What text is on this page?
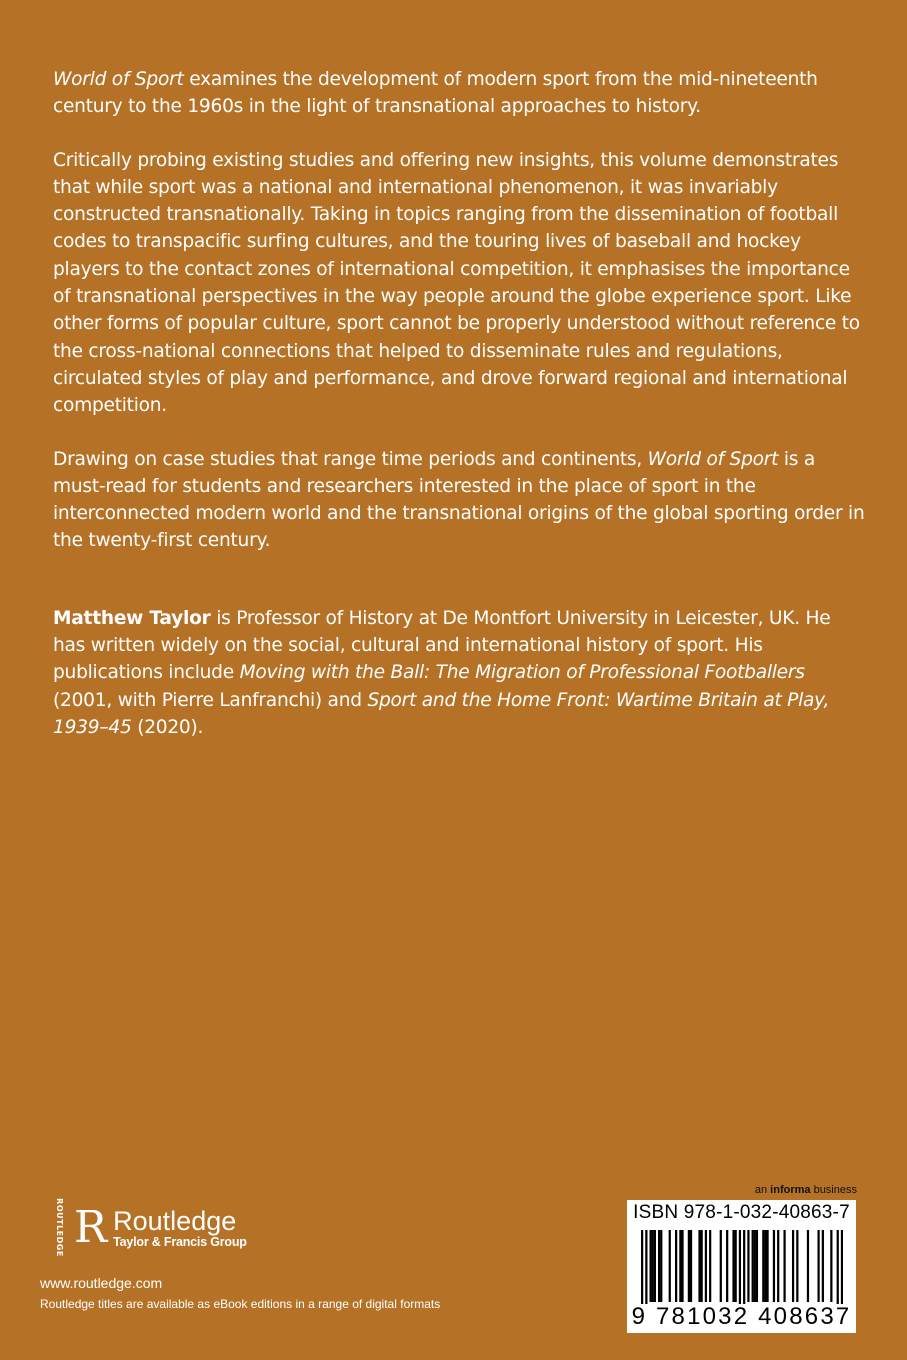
World of Sport examines the development of modern sport from the mid-nineteenth century to the 1960s in the light of transnational approaches to history.

Critically probing existing studies and offering new insights, this volume demonstrates that while sport was a national and international phenomenon, it was invariably constructed transnationally. Taking in topics ranging from the dissemination of football codes to transpacific surfing cultures, and the touring lives of baseball and hockey players to the contact zones of international competition, it emphasises the importance of transnational perspectives in the way people around the globe experience sport. Like other forms of popular culture, sport cannot be properly understood without reference to the cross-national connections that helped to disseminate rules and regulations, circulated styles of play and performance, and drove forward regional and international competition.

Drawing on case studies that range time periods and continents, World of Sport is a must-read for students and researchers interested in the place of sport in the interconnected modern world and the transnational origins of the global sporting order in the twenty-first century.

Matthew Taylor is Professor of History at De Montfort University in Leicester, UK. He has written widely on the social, cultural and international history of sport. His publications include Moving with the Ball: The Migration of Professional Footballers (2001, with Pierre Lanfranchi) and Sport and the Home Front: Wartime Britain at Play, 1939–45 (2020).

ROUTLEDGE R Routledge
Taylor & Francis Group
www.routledge.com
Routledge titles are available as eBook editions in a range of digital formats
an informa business
ISBN 978-1-032-40863-7
9 781032 408637
